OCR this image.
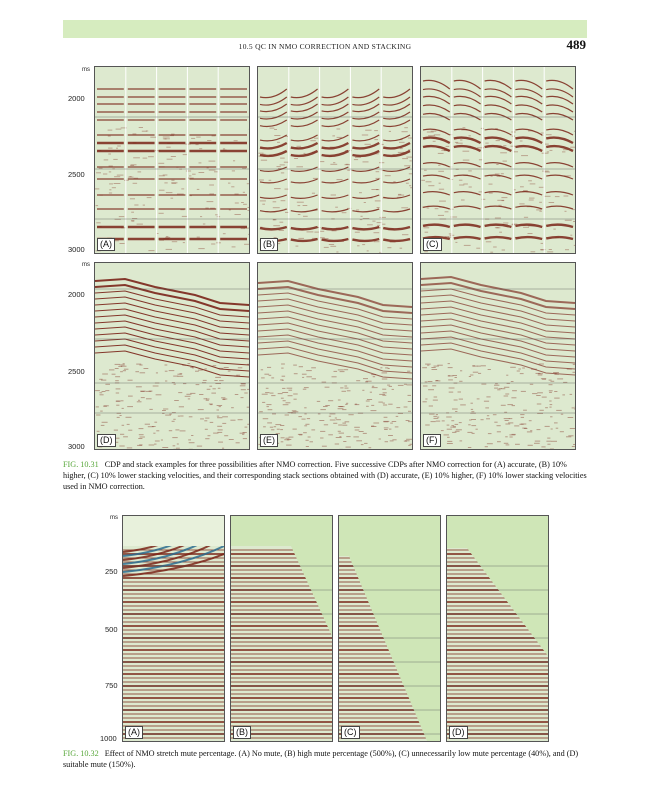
10.5 QC IN NMO CORRECTION AND STACKING	489
ms
2000
2500
3000
ms
2000
2500
3000
(A)	(B)	(C)
(D)	(E)	(F)
FIG. 10.31 CDP and stack examples for three possibilities after NMO correction. Five successive CDPs after NMO correction for (A) accurate, (B) 10% higher, (C) 10% lower stacking velocities, and their corresponding stack sections obtained with (D) accurate, (E) 10% higher, (F) 10% lower stacking velocities used in NMO correction.
ms
250
500
750
1000
(A)	(B)	(C)	(D)
FIG. 10.32 Effect of NMO stretch mute percentage. (A) No mute, (B) high mute percentage (500%), (C) unnecessarily low mute percentage (40%), and (D) suitable mute (150%).
